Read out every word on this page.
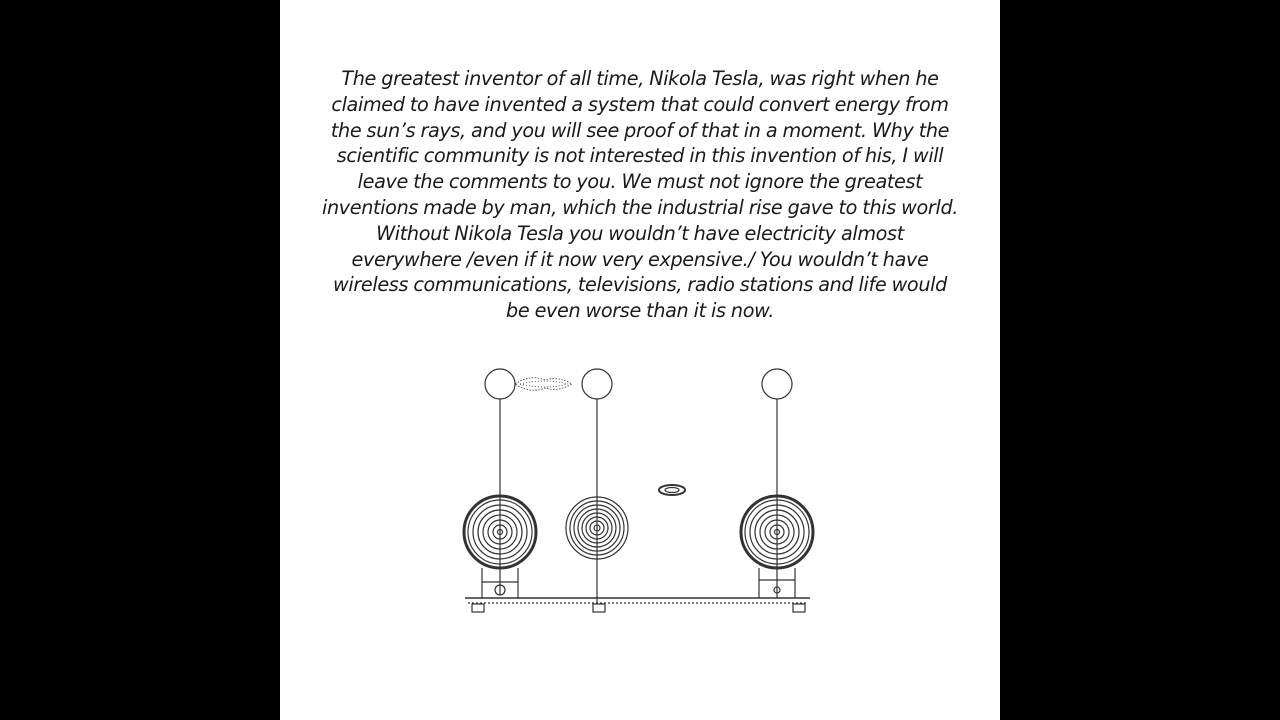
The greatest inventor of all time, Nikola Tesla, was right when he claimed to have invented a system that could convert energy from the sun’s rays, and you will see proof of that in a moment. Why the scientific community is not interested in this invention of his, I will leave the comments to you. We must not ignore the greatest inventions made by man, which the industrial rise gave to this world. Without Nikola Tesla you wouldn’t have electricity almost everywhere /even if it now very expensive./ You wouldn’t have wireless communications, televisions, radio stations and life would be even worse than it is now.
